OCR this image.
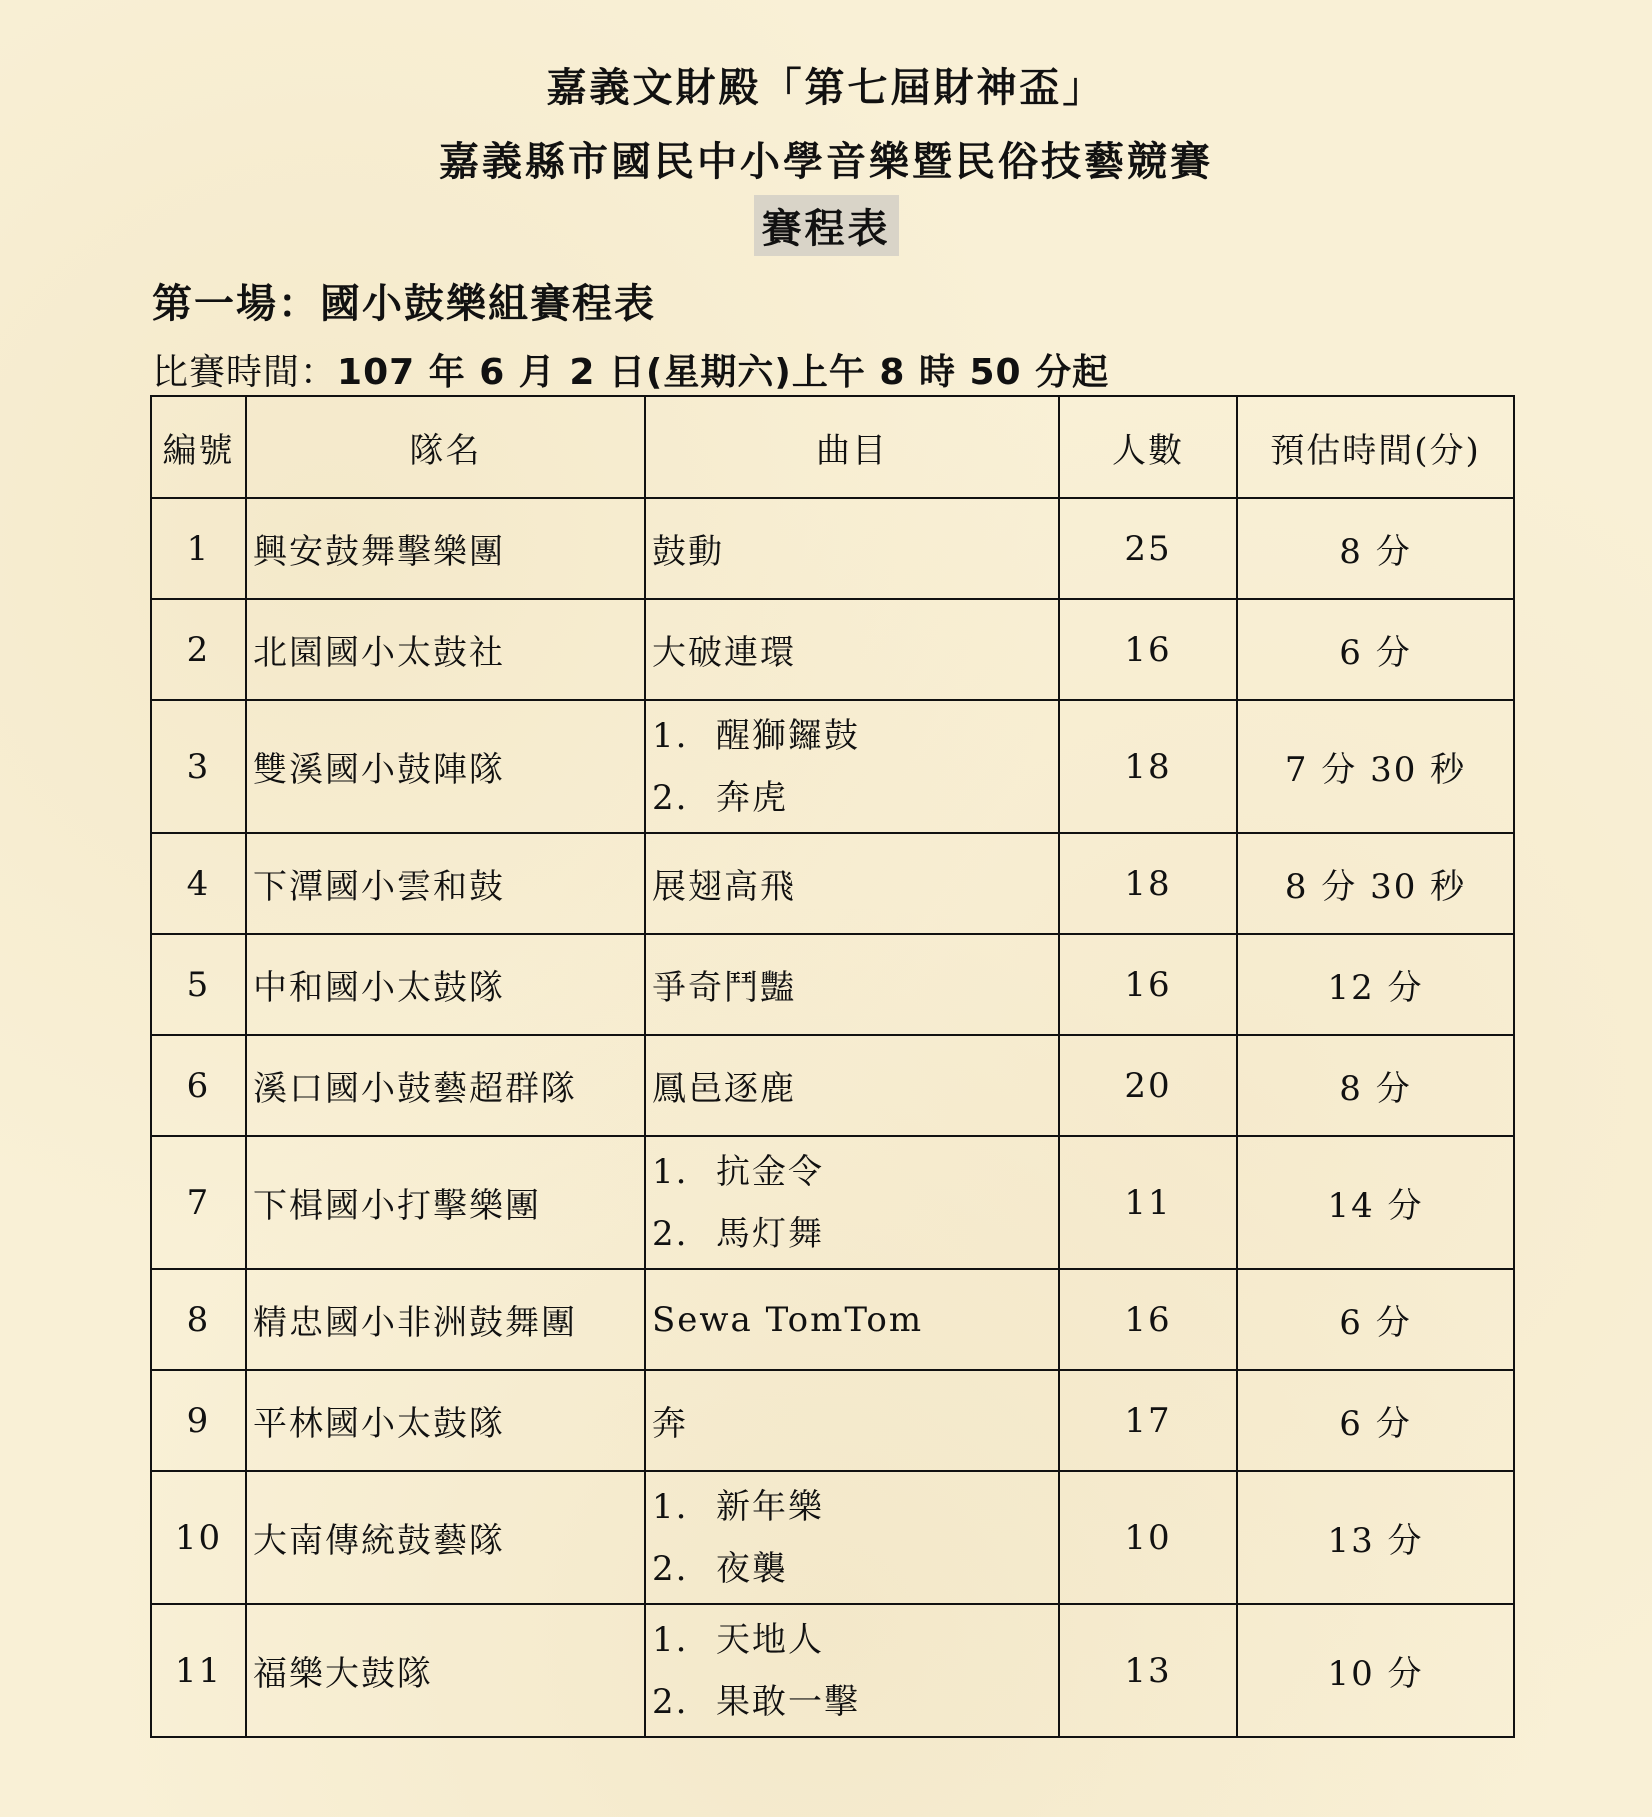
嘉義文財殿「第七屆財神盃」
嘉義縣市國民中小學音樂暨民俗技藝競賽
賽程表
第一場：國小鼓樂組賽程表
比賽時間：107 年 6 月 2 日(星期六)上午 8 時 50 分起
編號	隊名	曲目	人數	預估時間(分)
1	興安鼓舞擊樂團	鼓動	25	8 分
2	北園國小太鼓社	大破連環	16	6 分
3	雙溪國小鼓陣隊	1. 醒獅鑼鼓
2. 奔虎	18	7 分 30 秒
4	下潭國小雲和鼓	展翅高飛	18	8 分 30 秒
5	中和國小太鼓隊	爭奇鬥豔	16	12 分
6	溪口國小鼓藝超群隊	鳳邑逐鹿	20	8 分
7	下楫國小打擊樂團	1. 抗金令
2. 馬灯舞	11	14 分
8	精忠國小非洲鼓舞團	Sewa TomTom	16	6 分
9	平林國小太鼓隊	奔	17	6 分
10	大南傳統鼓藝隊	1. 新年樂
2. 夜襲	10	13 分
11	福樂大鼓隊	1. 天地人
2. 果敢一擊	13	10 分
